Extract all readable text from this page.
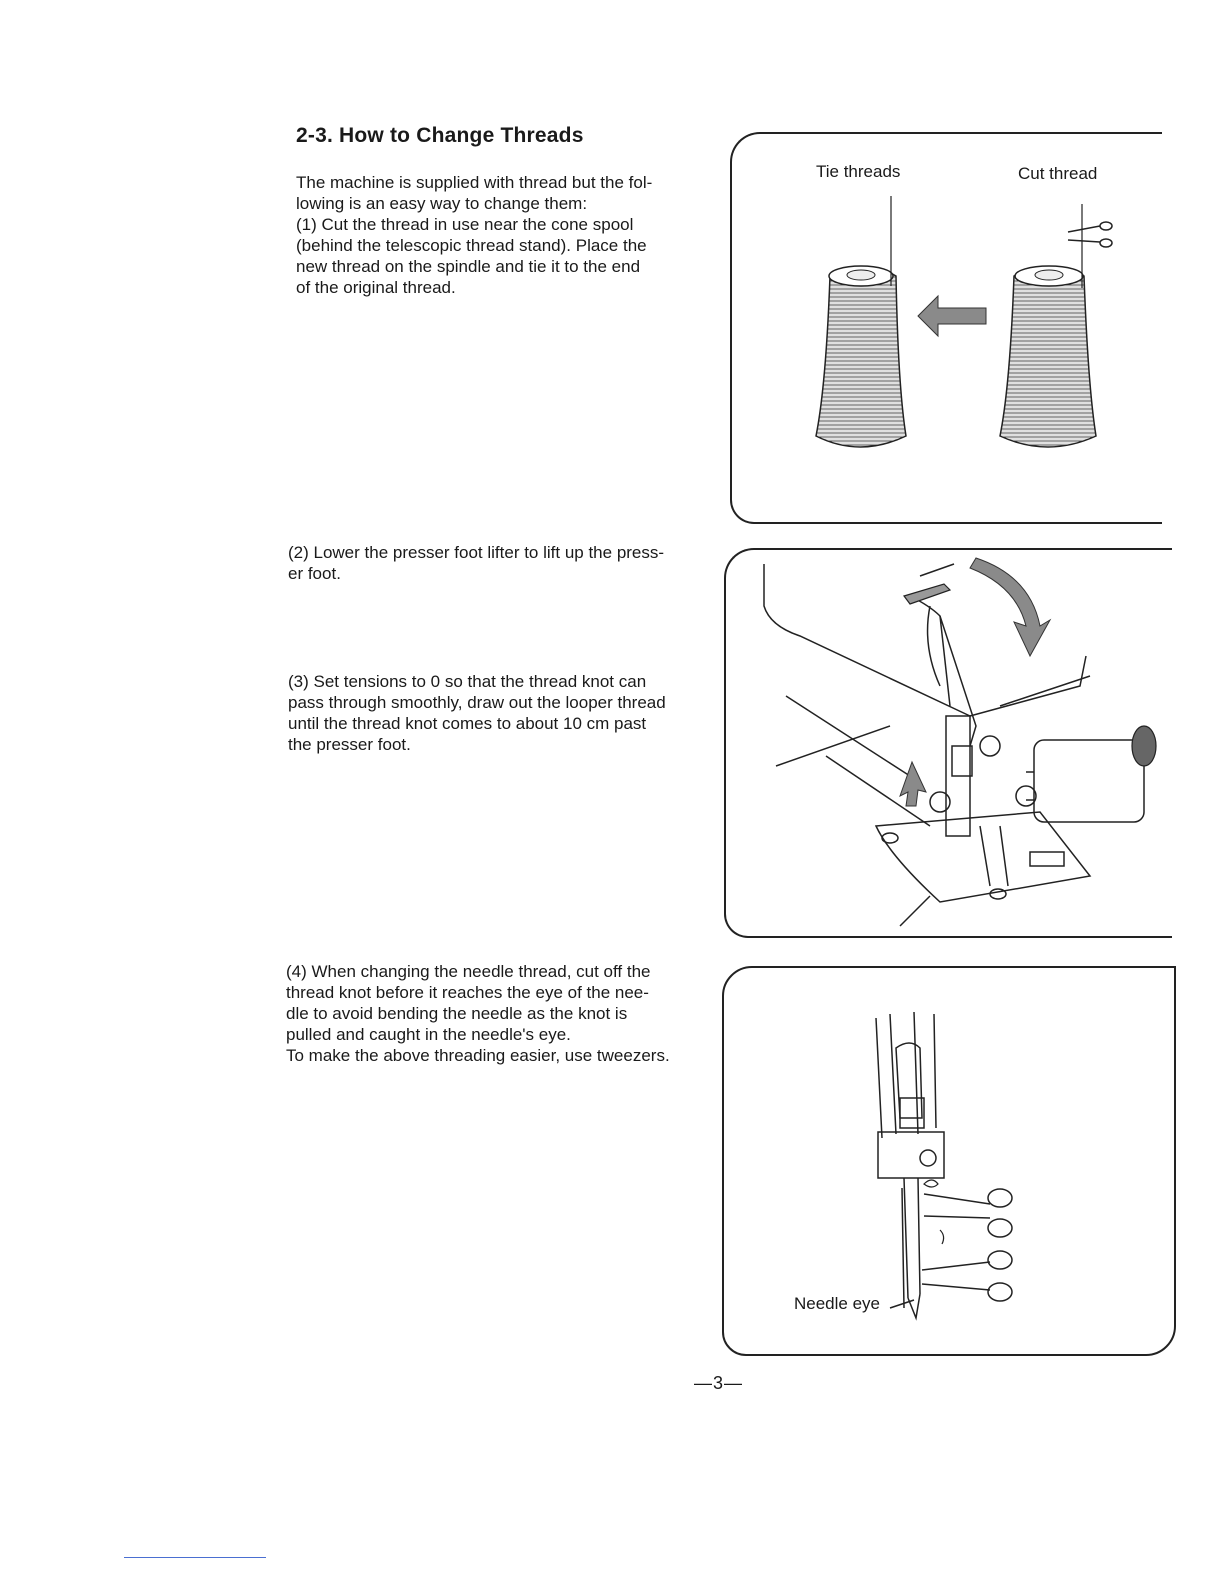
2-3. How to Change Threads
The machine is supplied with thread but the fol-
lowing is an easy way to change them:
(1) Cut the thread in use near the cone spool
(behind the telescopic thread stand). Place the
new thread on the spindle and tie it to the end
of the original thread.
(2) Lower the presser foot lifter to lift up the press-
er foot.
(3) Set tensions to 0 so that the thread knot can
pass through smoothly, draw out the looper thread
until the thread knot comes to about 10 cm past
the presser foot.
(4) When changing the needle thread, cut off the
thread knot before it reaches the eye of the nee-
dle to avoid bending the needle as the knot is
pulled and caught in the needle's eye.
To make the above threading easier, use tweezers.
Tie threads	Cut thread
Needle eye
—3—
